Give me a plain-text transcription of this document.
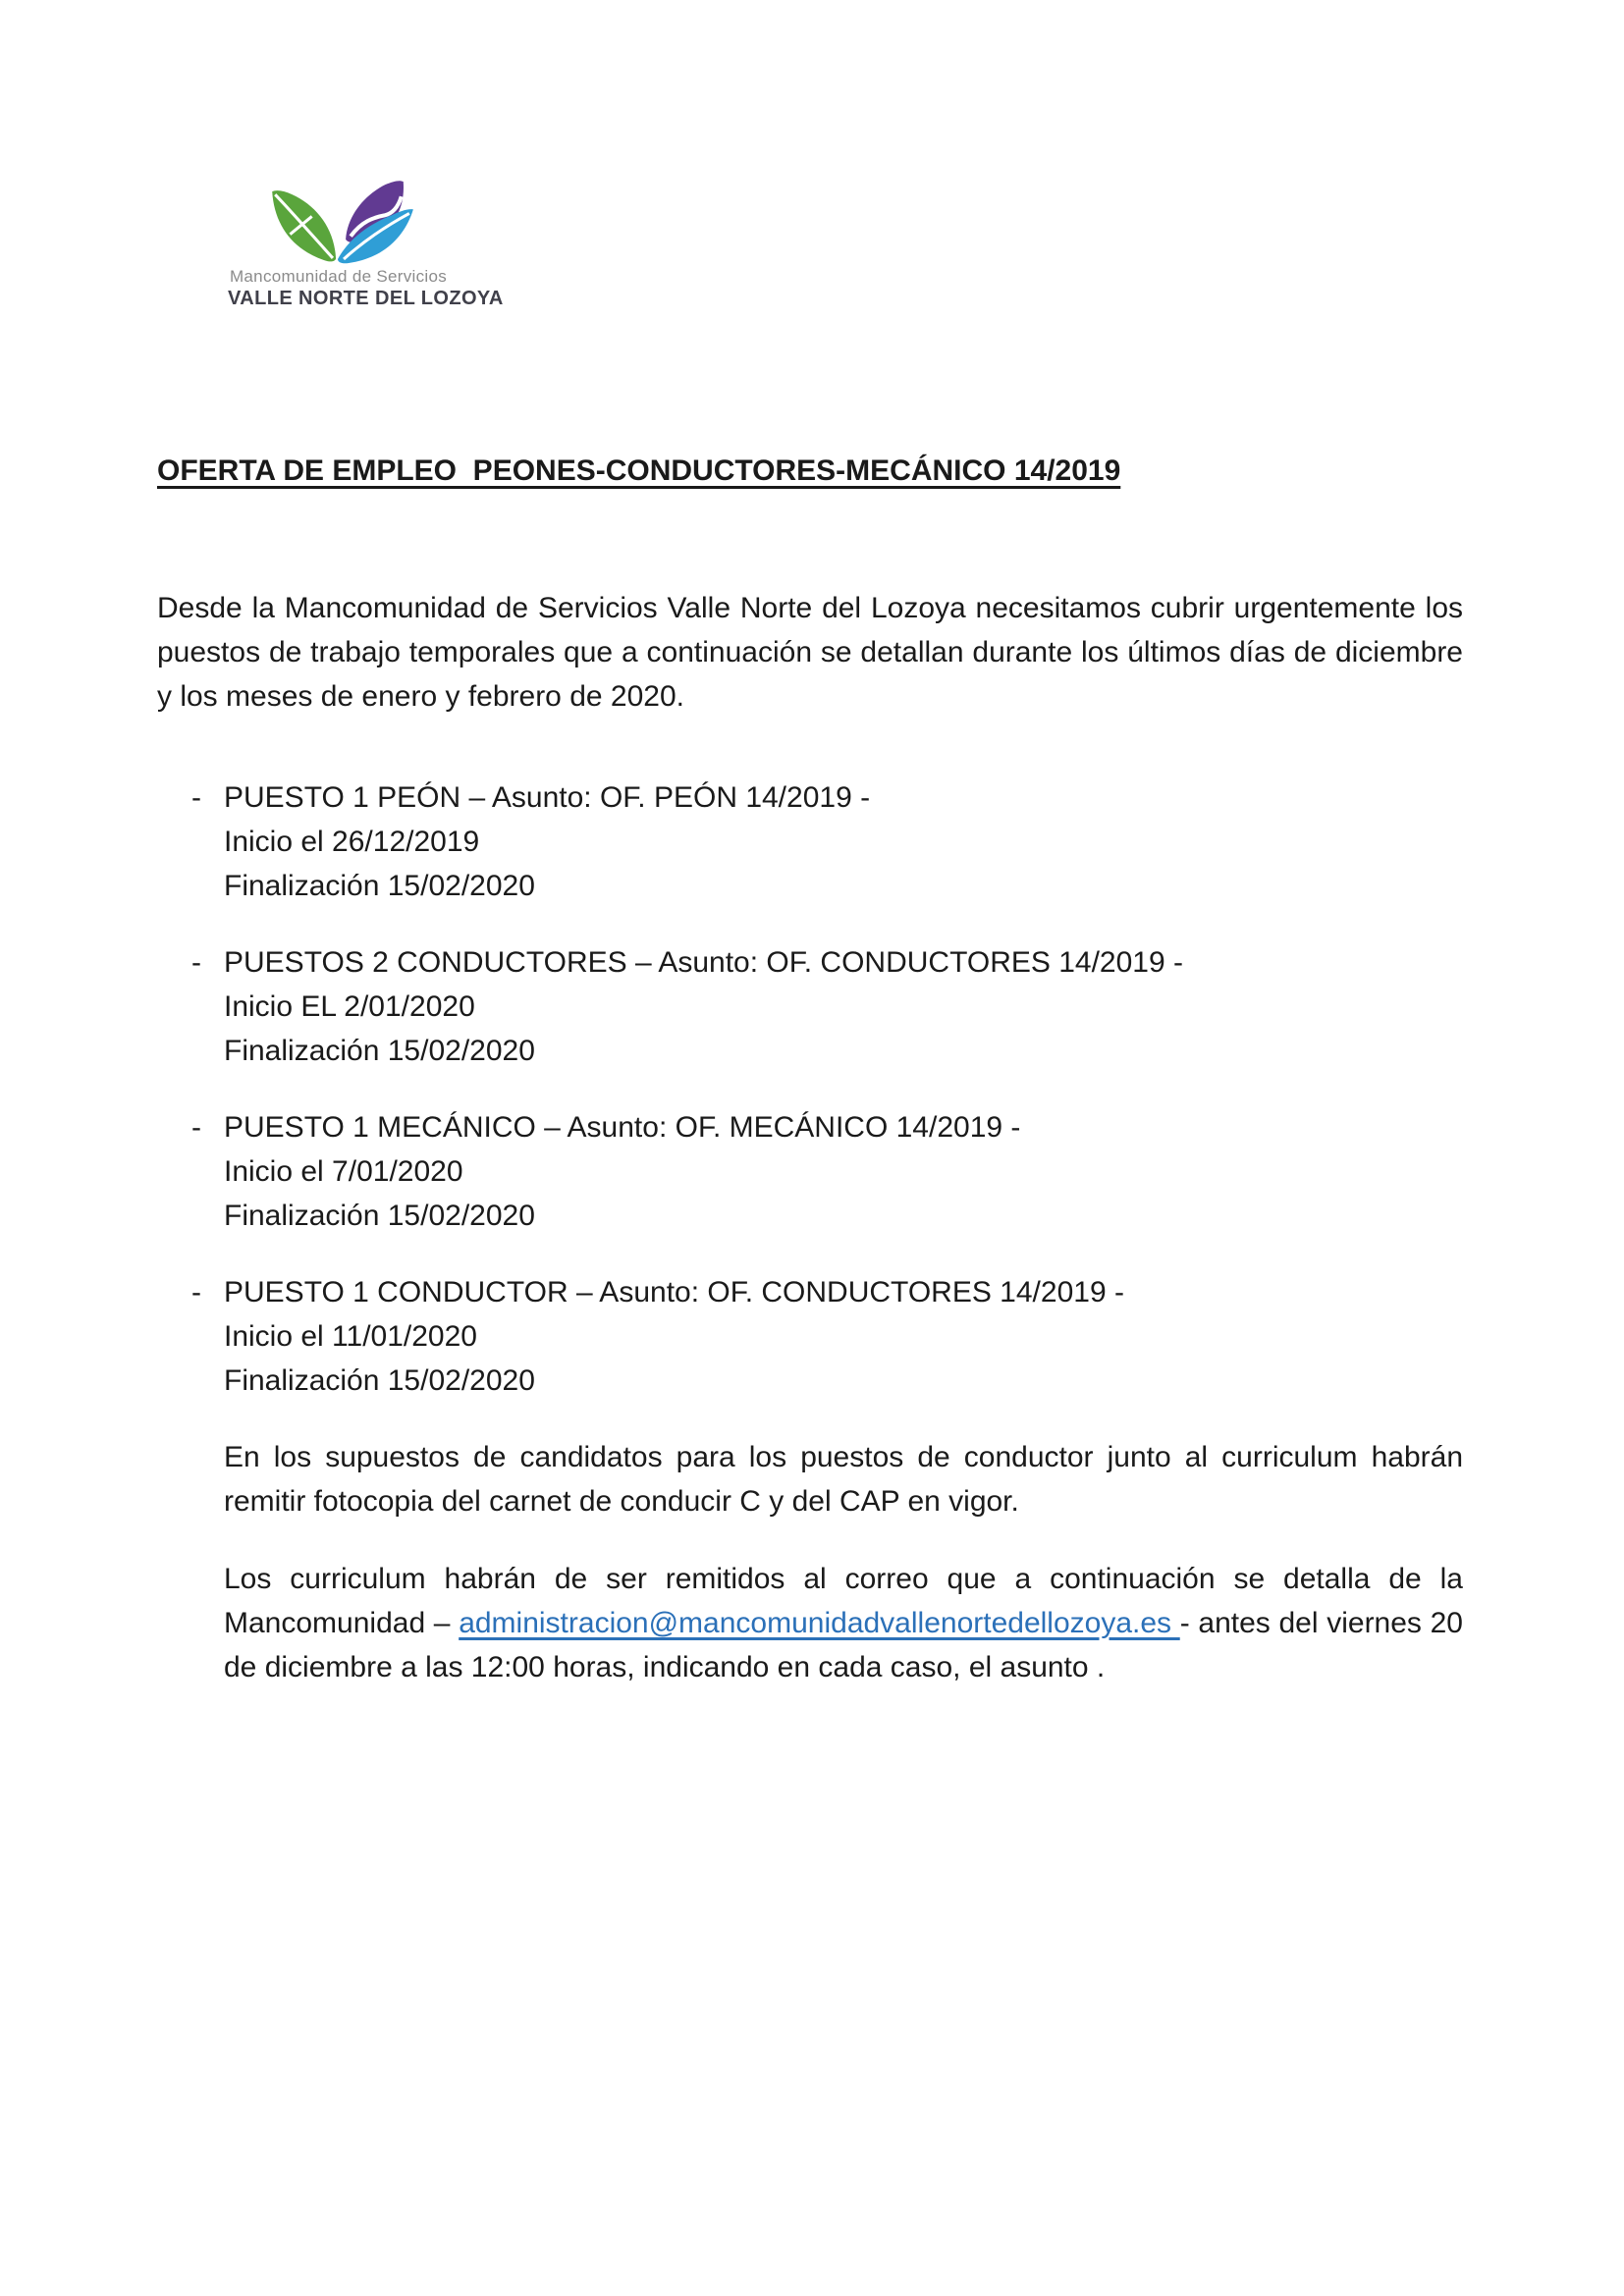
Mancomunidad de Servicios
VALLE NORTE DEL LOZOYA
OFERTA DE EMPLEO  PEONES-CONDUCTORES-MECÁNICO 14/2019

Desde la Mancomunidad de Servicios Valle Norte del Lozoya necesitamos cubrir urgentemente los puestos de trabajo temporales que a continuación se detallan durante los últimos días de diciembre y los meses de enero y febrero de 2020.

- PUESTO 1 PEÓN – Asunto: OF. PEÓN 14/2019 -
Inicio el 26/12/2019
Finalización 15/02/2020
- PUESTOS 2 CONDUCTORES – Asunto: OF. CONDUCTORES 14/2019 -
Inicio EL 2/01/2020
Finalización 15/02/2020
- PUESTO 1 MECÁNICO – Asunto: OF. MECÁNICO 14/2019 -
Inicio el 7/01/2020
Finalización 15/02/2020
- PUESTO 1 CONDUCTOR – Asunto: OF. CONDUCTORES 14/2019 -
Inicio el 11/01/2020
Finalización 15/02/2020

En los supuestos de candidatos para los puestos de conductor junto al curriculum habrán remitir fotocopia del carnet de conducir C y del CAP en vigor.

Los curriculum habrán de ser remitidos al correo que a continuación se detalla de la Mancomunidad – administracion@mancomunidadvallenortedellozoya.es - antes del viernes 20 de diciembre a las 12:00 horas, indicando en cada caso, el asunto .
